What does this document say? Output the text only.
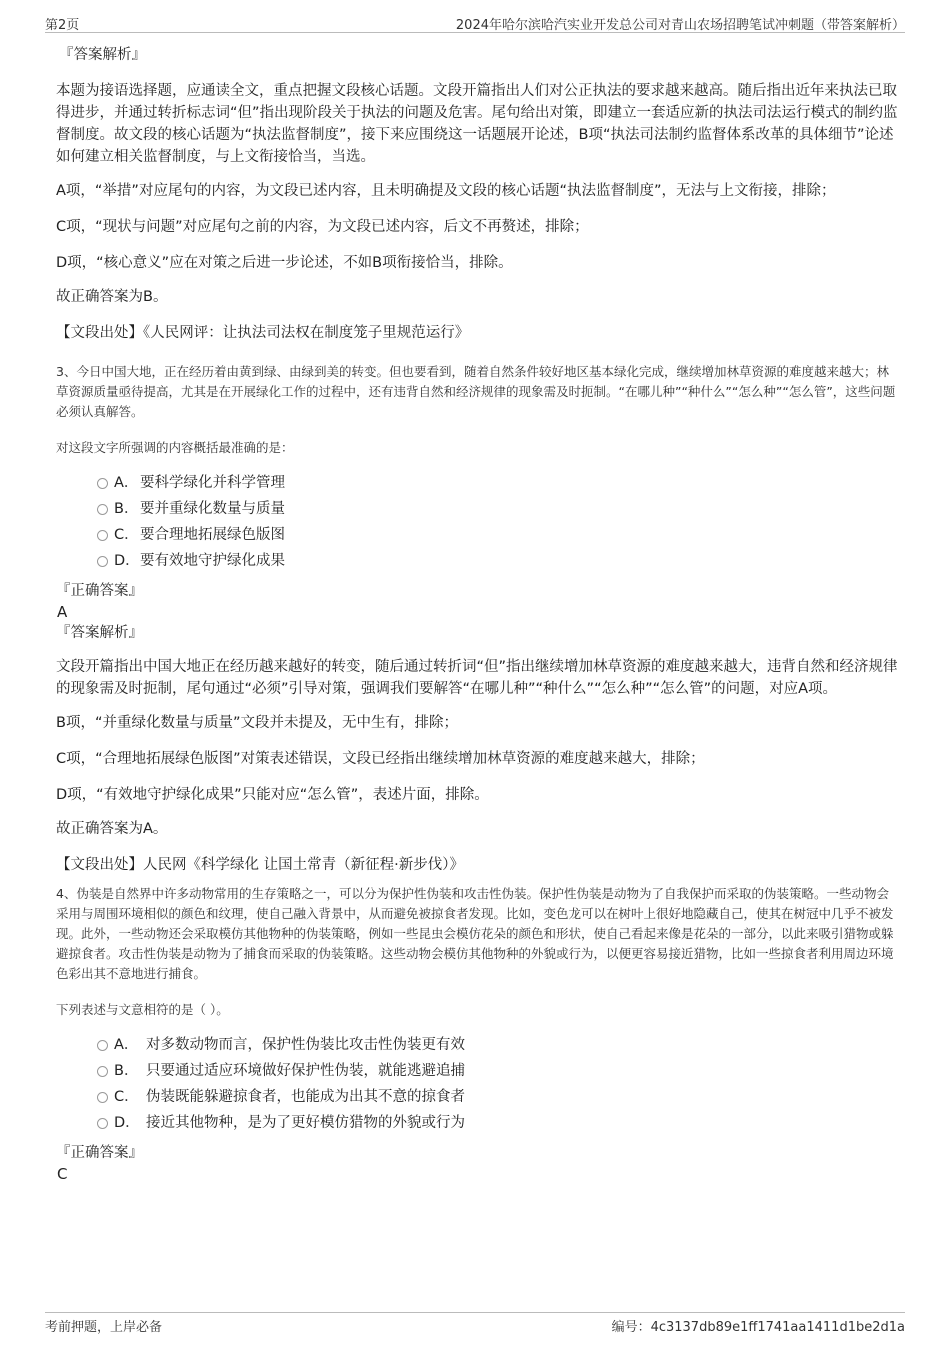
第2页	2024年哈尔滨哈汽实业开发总公司对青山农场招聘笔试冲刺题（带答案解析）

『答案解析』

本题为接语选择题，应通读全文，重点把握文段核心话题。文段开篇指出人们对公正执法的要求越来越高。随后指出近年来执法已取得进步，并通过转折标志词“但”指出现阶段关于执法的问题及危害。尾句给出对策，即建立一套适应新的执法司法运行模式的制约监督制度。故文段的核心话题为“执法监督制度”，接下来应围绕这一话题展开论述，B项“执法司法制约监督体系改革的具体细节”论述如何建立相关监督制度，与上文衔接恰当，当选。

A项，“举措”对应尾句的内容，为文段已述内容，且未明确提及文段的核心话题“执法监督制度”，无法与上文衔接，排除；

C项，“现状与问题”对应尾句之前的内容，为文段已述内容，后文不再赘述，排除；

D项，“核心意义”应在对策之后进一步论述，不如B项衔接恰当，排除。

故正确答案为B。

【文段出处】《人民网评：让执法司法权在制度笼子里规范运行》

3、今日中国大地，正在经历着由黄到绿、由绿到美的转变。但也要看到，随着自然条件较好地区基本绿化完成，继续增加林草资源的难度越来越大；林草资源质量亟待提高，尤其是在开展绿化工作的过程中，还有违背自然和经济规律的现象需及时扼制。“在哪儿种”“种什么”“怎么种”“怎么管”，这些问题必须认真解答。

对这段文字所强调的内容概括最准确的是：

A． 要科学绿化并科学管理
B． 要并重绿化数量与质量
C．要合理地拓展绿色版图
D．要有效地守护绿化成果

『正确答案』

A

『答案解析』

文段开篇指出中国大地正在经历越来越好的转变，随后通过转折词“但”指出继续增加林草资源的难度越来越大，违背自然和经济规律的现象需及时扼制，尾句通过“必须”引导对策，强调我们要解答“在哪儿种”“种什么”“怎么种”“怎么管”的问题，对应A项。

B项，“并重绿化数量与质量”文段并未提及，无中生有，排除；

C项，“合理地拓展绿色版图”对策表述错误，文段已经指出继续增加林草资源的难度越来越大，排除；

D项，“有效地守护绿化成果”只能对应“怎么管”，表述片面，排除。

故正确答案为A。

【文段出处】人民网《科学绿化 让国土常青（新征程·新步伐）》

4、伪装是自然界中许多动物常用的生存策略之一，可以分为保护性伪装和攻击性伪装。保护性伪装是动物为了自我保护而采取的伪装策略。一些动物会采用与周围环境相似的颜色和纹理，使自己融入背景中，从而避免被掠食者发现。比如，变色龙可以在树叶上很好地隐藏自己，使其在树冠中几乎不被发现。此外，一些动物还会采取模仿其他物种的伪装策略，例如一些昆虫会模仿花朵的颜色和形状，使自己看起来像是花朵的一部分，以此来吸引猎物或躲避掠食者。攻击性伪装是动物为了捕食而采取的伪装策略。这些动物会模仿其他物种的外貌或行为，以便更容易接近猎物，比如一些掠食者利用周边环境色彩出其不意地进行捕食。

下列表述与文意相符的是（ ）。

A． 对多数动物而言，保护性伪装比攻击性伪装更有效
B． 只要通过适应环境做好保护性伪装，就能逃避追捕
C． 伪装既能躲避掠食者，也能成为出其不意的掠食者
D． 接近其他物种，是为了更好模仿猎物的外貌或行为

『正确答案』

C

考前押题，上岸必备	编号：4c3137db89e1ff1741aa1411d1be2d1a
